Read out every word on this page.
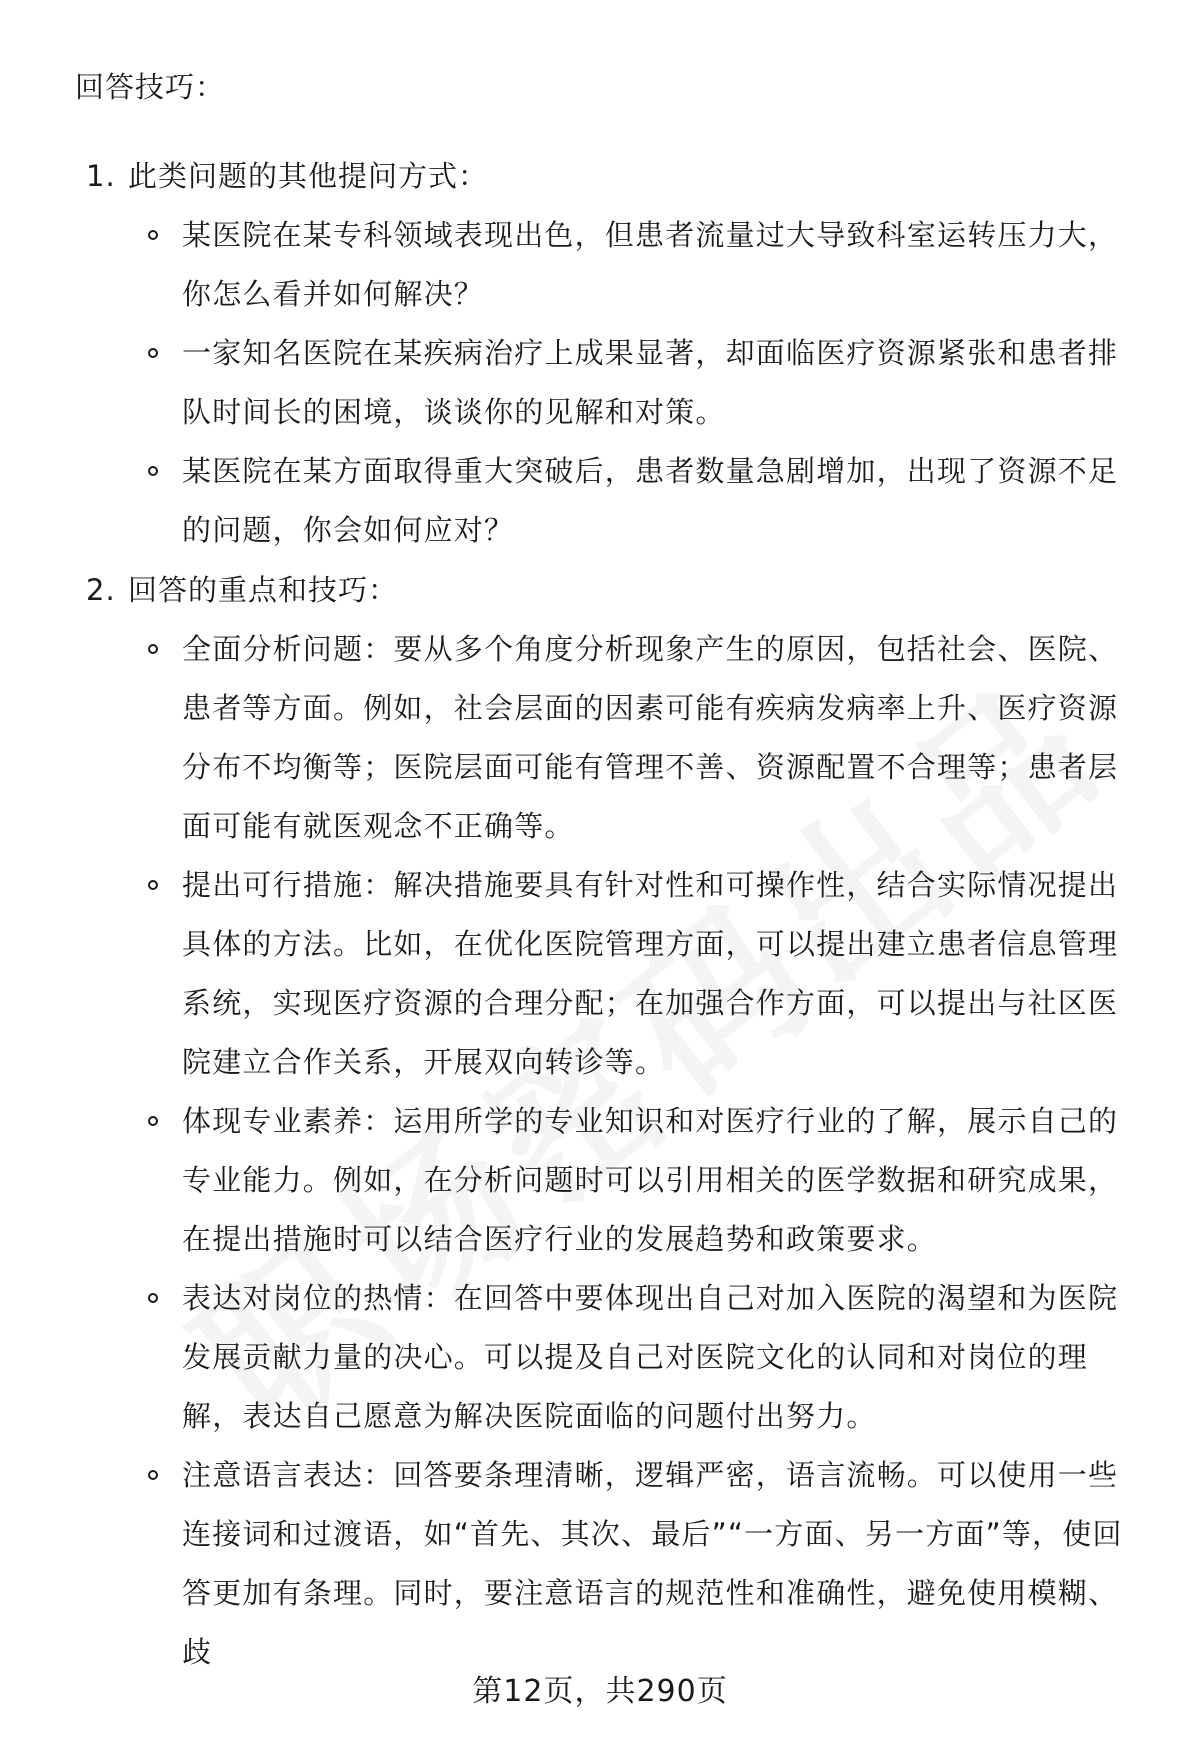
回答技巧：
1. 此类问题的其他提问方式：
某医院在某专科领域表现出色，但患者流量过大导致科室运转压力大，你怎么看并如何解决？
一家知名医院在某疾病治疗上成果显著，却面临医疗资源紧张和患者排队时间长的困境，谈谈你的见解和对策。
某医院在某方面取得重大突破后，患者数量急剧增加，出现了资源不足的问题，你会如何应对？
2. 回答的重点和技巧：
全面分析问题：要从多个角度分析现象产生的原因，包括社会、医院、患者等方面。例如，社会层面的因素可能有疾病发病率上升、医疗资源分布不均衡等；医院层面可能有管理不善、资源配置不合理等；患者层面可能有就医观念不正确等。
提出可行措施：解决措施要具有针对性和可操作性，结合实际情况提出具体的方法。比如，在优化医院管理方面，可以提出建立患者信息管理系统，实现医疗资源的合理分配；在加强合作方面，可以提出与社区医院建立合作关系，开展双向转诊等。
体现专业素养：运用所学的专业知识和对医疗行业的了解，展示自己的专业能力。例如，在分析问题时可以引用相关的医学数据和研究成果，在提出措施时可以结合医疗行业的发展趋势和政策要求。
表达对岗位的热情：在回答中要体现出自己对加入医院的渴望和为医院发展贡献力量的决心。可以提及自己对医院文化的认同和对岗位的理解，表达自己愿意为解决医院面临的问题付出努力。
注意语言表达：回答要条理清晰，逻辑严密，语言流畅。可以使用一些连接词和过渡语，如“首先、其次、最后”“一方面、另一方面”等，使回答更加有条理。同时，要注意语言的规范性和准确性，避免使用模糊、歧
第12页，共290页
